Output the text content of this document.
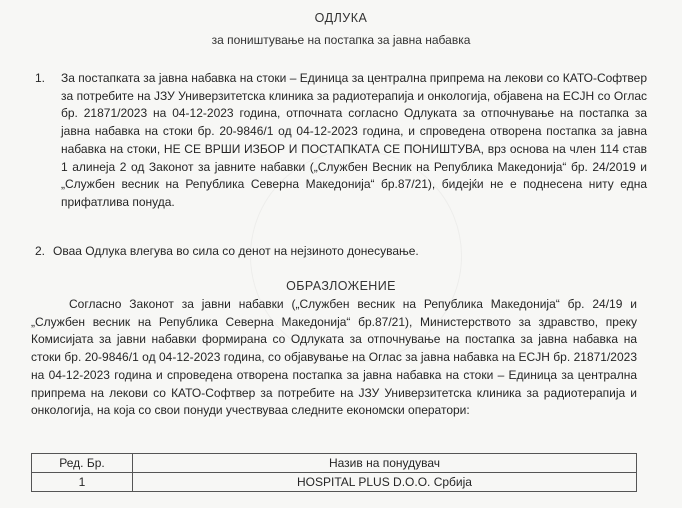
ОДЛУКА
за поништување на постапка за јавна набавка
1. За постапката за јавна набавка на стоки – Единица за централна припрема на лекови со КАТО-Софтвер за потребите на ЈЗУ Универзитетска клиника за радиотерапија и онкологија, објавена на ЕСЈН со Оглас бр. 21871/2023 на 04-12-2023 година, отпочната согласно Одлуката за отпочнување на постапка за јавна набавка на стоки бр. 20-9846/1 од 04-12-2023 година, и спроведена отворена постапка за јавна набавка на стоки, НЕ СЕ ВРШИ ИЗБОР И ПОСТАПКАТА СЕ ПОНИШТУВА, врз основа на член 114 став 1 алинеја 2 од Законот за јавните набавки („Службен Весник на Република Македонија“ бр. 24/2019 и „Службен весник на Република Северна Македонија“ бр.87/21), бидејќи не е поднесена ниту една прифатлива понуда.
2. Оваа Одлука влегува во сила со денот на нејзиното донесување.
ОБРАЗЛОЖЕНИЕ
Согласно Законот за јавни набавки („Службен весник на Република Македонија“ бр. 24/19 и „Службен весник на Република Северна Македонија“ бр.87/21), Министерството за здравство, преку Комисијата за јавни набавки формирана со Одлуката за отпочнување на постапка за јавна набавка на стоки бр. 20-9846/1 од 04-12-2023 година, со објавување на Оглас за јавна набавка на ЕСЈН бр. 21871/2023 на 04-12-2023 година и спроведена отворена постапка за јавна набавка на стоки – Единица за централна припрема на лекови со КАТО-Софтвер за потребите на ЈЗУ Универзитетска клиника за радиотерапија и онкологија, на која со свои понуди учествуваа следните економски оператори:
Ред. Бр.	Назив на понудувач
1	HOSPITAL PLUS D.O.O. Србија
